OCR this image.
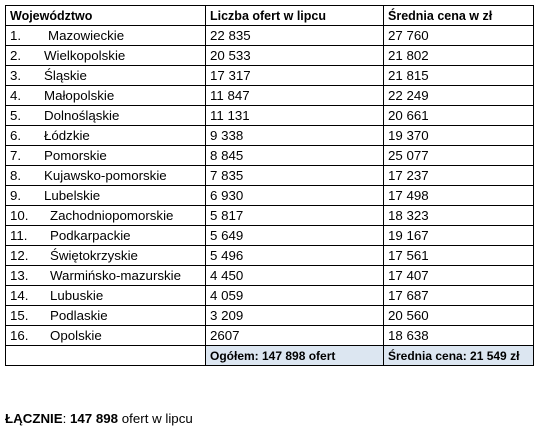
Województwo	Liczba ofert w lipcu	Średnia cena w zł
1. Mazowieckie	22 835	27 760
2. Wielkopolskie	20 533	21 802
3. Śląskie	17 317	21 815
4. Małopolskie	11 847	22 249
5. Dolnośląskie	11 131	20 661
6. Łódzkie	9 338	19 370
7. Pomorskie	8 845	25 077
8. Kujawsko-pomorskie	7 835	17 237
9. Lubelskie	6 930	17 498
10. Zachodniopomorskie	5 817	18 323
11. Podkarpackie	5 649	19 167
12. Świętokrzyskie	5 496	17 561
13. Warmińsko-mazurskie	4 450	17 407
14. Lubuskie	4 059	17 687
15. Podlaskie	3 209	20 560
16. Opolskie	2607	18 638
	Ogółem: 147 898 ofert	Średnia cena: 21 549 zł
ŁĄCZNIE: 147 898 ofert w lipcu
